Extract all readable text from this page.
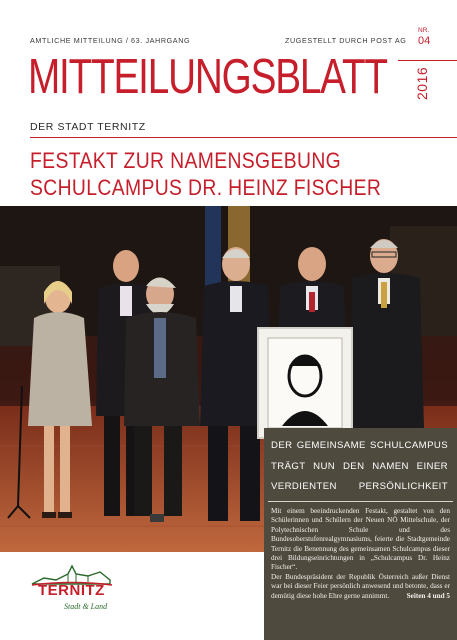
AMTLICHE MITTEILUNG / 63. JAHRGANG	ZUGESTELLT DURCH POST AG
NR.
04
MITTEILUNGSBLATT 2016
DER STADT TERNITZ
FESTAKT ZUR NAMENSGEBUNG
SCHULCAMPUS DR. HEINZ FISCHER
DER GEMEINSAME SCHULCAMPUS
TRÄGT NUN DEN NAMEN EINER
VERDIENTEN PERSÖNLICHKEIT

Mit einem beeindruckenden Festakt, gestaltet von den Schülerinnen und Schülern der Neuen NÖ Mittelschule, der Polytechnischen Schule und des Bundesoberstufenrealgymnasiums, feierte die Stadtgemeinde Ternitz die Benennung des gemeinsamen Schulcampus dieser drei Bildungseinrichtungen in „Schulcampus Dr. Heinz Fischer“.

Der Bundespräsident der Republik Österreich außer Dienst war bei dieser Feier persönlich anwesend und betonte, dass er demütig diese hohe Ehre gerne annimmt. Seiten 4 und 5

TERNITZ
Stadt & Land
